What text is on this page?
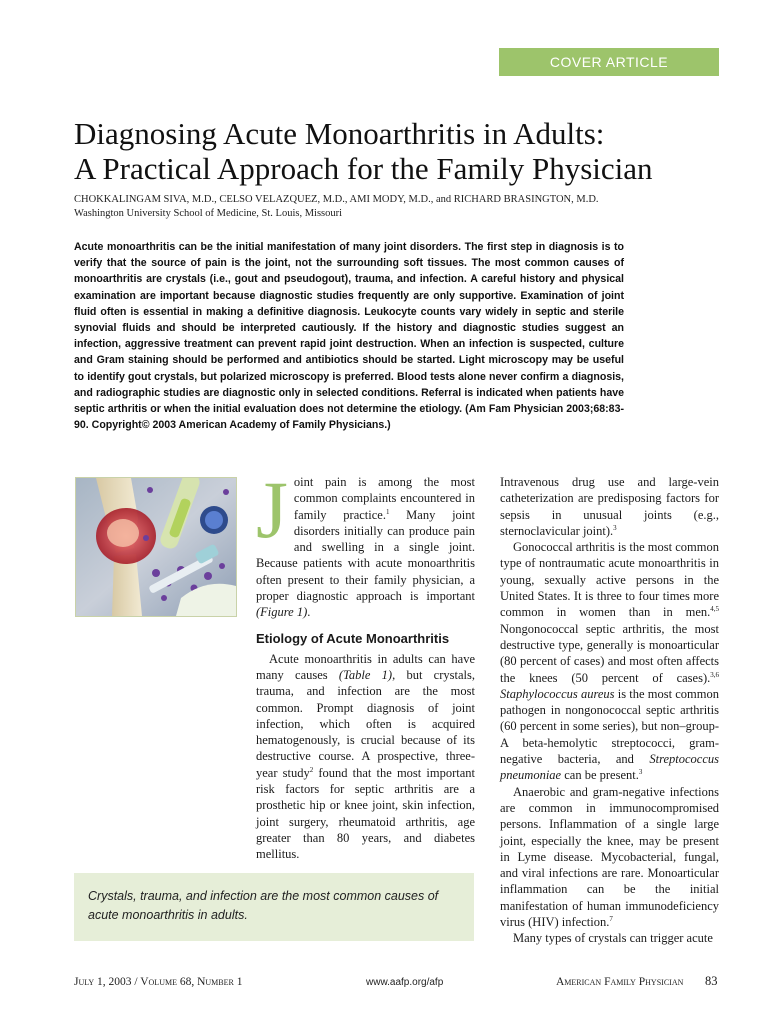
COVER ARTICLE
Diagnosing Acute Monoarthritis in Adults:
A Practical Approach for the Family Physician
CHOKKALINGAM SIVA, M.D., CELSO VELAZQUEZ, M.D., AMI MODY, M.D., and RICHARD BRASINGTON, M.D.
Washington University School of Medicine, St. Louis, Missouri

Acute monoarthritis can be the initial manifestation of many joint disorders. The first step in diagnosis is to verify that the source of pain is the joint, not the surrounding soft tissues. The most common causes of monoarthritis are crystals (i.e., gout and pseudogout), trauma, and infection. A careful history and physical examination are important because diagnostic studies frequently are only supportive. Examination of joint fluid often is essential in making a definitive diagnosis. Leukocyte counts vary widely in septic and sterile synovial fluids and should be interpreted cautiously. If the history and diagnostic studies suggest an infection, aggressive treatment can prevent rapid joint destruction. When an infection is suspected, culture and Gram staining should be performed and antibiotics should be started. Light microscopy may be useful to identify gout crystals, but polarized microscopy is preferred. Blood tests alone never confirm a diagnosis, and radiographic studies are diagnostic only in selected conditions. Referral is indicated when patients have septic arthritis or when the initial evaluation does not determine the etiology. (Am Fam Physician 2003;68:83-90. Copyright© 2003 American Academy of Family Physicians.)

Joint pain is among the most common complaints encountered in family practice.$^1$ Many joint disorders initially can produce pain and swelling in a single joint. Because patients with acute monoarthritis often present to their family physician, a proper diagnostic approach is important (Figure 1).

Etiology of Acute Monoarthritis

Acute monoarthritis in adults can have many causes (Table 1), but crystals, trauma, and infection are the most common. Prompt diagnosis of joint infection, which often is acquired hematogenously, is crucial because of its destructive course. A prospective, three-year study$^2$ found that the most important risk factors for septic arthritis are a prosthetic hip or knee joint, skin infection, joint surgery, rheumatoid arthritis, age greater than 80 years, and diabetes mellitus.

Intravenous drug use and large-vein catheterization are predisposing factors for sepsis in unusual joints (e.g., sternoclavicular joint).$^3$

Gonococcal arthritis is the most common type of nontraumatic acute monoarthritis in young, sexually active persons in the United States. It is three to four times more common in women than in men.$^{4,5}$ Nongonococcal septic arthritis, the most destructive type, generally is monoarticular (80 percent of cases) and most often affects the knees (50 percent of cases).$^{3,6}$ Staphylococcus aureus is the most common pathogen in nongonococcal septic arthritis (60 percent in some series), but non–group-A beta-hemolytic streptococci, gram-negative bacteria, and Streptococcus pneumoniae can be present.$^3$

Anaerobic and gram-negative infections are common in immunocompromised persons. Inflammation of a single large joint, especially the knee, may be present in Lyme disease. Mycobacterial, fungal, and viral infections are rare. Monoarticular inflammation can be the initial manifestation of human immunodeficiency virus (HIV) infection.$^7$

Many types of crystals can trigger acute

Crystals, trauma, and infection are the most common causes of acute monoarthritis in adults.
July 1, 2003 / Volume 68, Number 1	www.aafp.org/afp	American Family Physician 83
